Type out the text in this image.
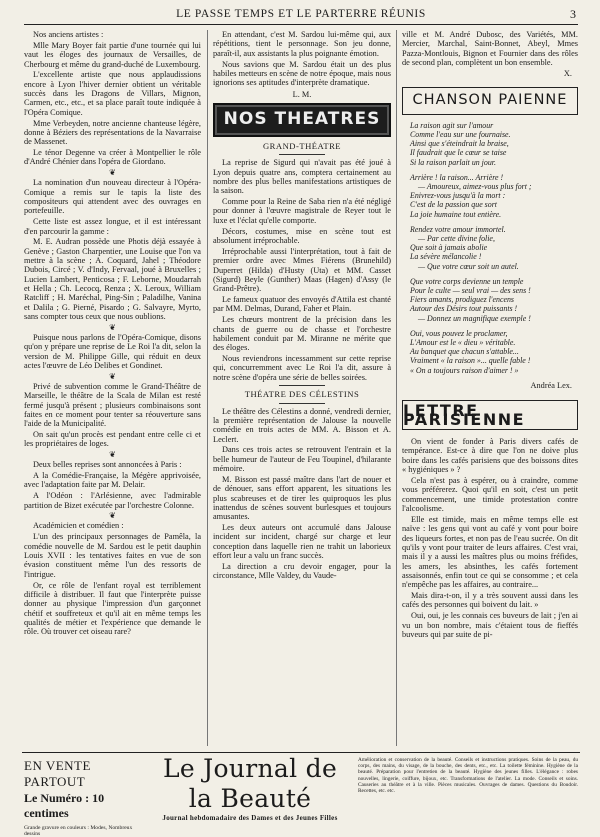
LE PASSE TEMPS ET LE PARTERRE RÉUNIS	3

Nos anciens artistes :

Mlle Mary Boyer fait partie d'une tournée qui lui vaut les éloges des journaux de Versailles, de Cherbourg et même du grand-duché de Luxembourg.

L'excellente artiste que nous applaudissions encore à Lyon l'hiver dernier obtient un véritable succès dans les Dragons de Villars, Mignon, Carmen, etc., etc., et sa place paraît toute indiquée à l'Opéra Comique.

Mme Verbeyden, notre ancienne chanteuse légère, donne à Béziers des représentations de la Navarraise de Massenet.

Le ténor Degenne va créer à Montpellier le rôle d'André Chénier dans l'opéra de Giordano.

❦

La nomination d'un nouveau directeur à l'Opéra-Comique a remis sur le tapis la liste des compositeurs qui attendent avec des ouvrages en portefeuille.

Cette liste est assez longue, et il est intéressant d'en parcourir la gamme :

M. E. Audran possède une Photis déjà essayée à Genève ; Gaston Charpentier, une Louise que l'on va mettre à la scène ; A. Coquard, Jahel ; Théodore Dubois, Circé ; V. d'Indy, Fervaal, joué à Bruxelles ; Lucien Lambert, Penticosa ; F. Leborne, Moudarrah et Hella ; Ch. Lecocq, Renza ; X. Leroux, William Ratcliff ; H. Maréchal, Ping-Sin ; Paladilhe, Vanina et Dalila ; G. Pierné, Pisardo ; G. Salvayre, Myrto, sans compter tous ceux que nous oublions.

❦

Puisque nous parlons de l'Opéra-Comique, disons qu'on y prépare une reprise de Le Roi l'a dit, selon la version de M. Philippe Gille, qui réduit en deux actes l'œuvre de Léo Delibes et Gondinet.

❦

Privé de subvention comme le Grand-Théâtre de Marseille, le théâtre de la Scala de Milan est resté fermé jusqu'à présent ; plusieurs combinaisons sont faites en ce moment pour tenter sa réouverture sans l'aide de la Municipalité.

On sait qu'un procès est pendant entre celle ci et les propriétaires de loges.

❦

Deux belles reprises sont annoncées à Paris :

A la Comédie-Française, la Mégère apprivoisée, avec l'adaptation faite par M. Delair.

A l'Odéon : l'Arlésienne, avec l'admirable partition de Bizet exécutée par l'orchestre Colonne.

❦

Académicien et comédien :

L'un des principaux personnages de Pamêla, la comédie nouvelle de M. Sardou est le petit dauphin Louis XVII : les tentatives faites en vue de son évasion constituent même l'un des ressorts de l'intrigue.

Or, ce rôle de l'enfant royal est terriblement difficile à distribuer. Il faut que l'interprète puisse donner au physique l'impression d'un garçonnet chétif et souffreteux et qu'il ait en même temps les qualités de métier et l'expérience que demande le rôle. Où trouver cet oiseau rare?

En attendant, c'est M. Sardou lui-même qui, aux répétitions, tient le personnage. Son jeu donne, paraît-il, aux assistants la plus poignante émotion.

Nous savions que M. Sardou était un des plus habiles metteurs en scène de notre époque, mais nous ignorions ses aptitudes d'interprète dramatique.

L. M.
NOS THEATRES
GRAND-THÉATRE

La reprise de Sigurd qui n'avait pas été joué à Lyon depuis quatre ans, comptera certainement au nombre des plus belles manifestations artistiques de la saison.

Comme pour la Reine de Saba rien n'a été négligé pour donner à l'œuvre magistrale de Reyer tout le luxe et l'éclat qu'elle comporte.

Décors, costumes, mise en scène tout est absolument irréprochable.

Irréprochable aussi l'interprétation, tout à fait de premier ordre avec Mmes Fiérens (Brunehild) Duperret (Hilda) d'Husty (Uta) et MM. Casset (Sigurd) Beyle (Gunther) Maas (Hagen) d'Assy (le Grand-Prêtre).

Le fameux quatuor des envoyés d'Attila est chanté par MM. Delmas, Durand, Faher et Plain.

Les chœurs montrent de la précision dans les chants de guerre ou de chasse et l'orchestre habilement conduit par M. Miranne ne mérite que des éloges.

Nous reviendrons incessamment sur cette reprise qui, concurremment avec Le Roi l'a dit, assure à notre scène d'opéra une série de belles soirées.

THÉATRE DES CÉLESTINS

Le théâtre des Célestins a donné, vendredi dernier, la première représentation de Jalouse la nouvelle comédie en trois actes de MM. A. Bisson et A. Leclert.

Dans ces trois actes se retrouvent l'entrain et la belle humeur de l'auteur de Feu Toupinel, d'hilarante mémoire.

M. Bisson est passé maître dans l'art de nouer et de dénouer, sans effort apparent, les situations les plus scabreuses et de tirer les quiproquos les plus inattendus de scènes souvent burlesques et toujours amusantes.

Les deux auteurs ont accumulé dans Jalouse incident sur incident, chargé sur charge et leur conception dans laquelle rien ne trahit un laborieux effort leur a valu un franc succès.

La direction a cru devoir engager, pour la circonstance, Mlle Valdey, du Vaude-

ville et M. André Dubosc, des Variétés, MM. Mercier, Marchal, Saint-Bonnet, Abeyl, Mmes Pazza-Montlouis, Bignon et Fournier dans des rôles de second plan, complètent un bon ensemble.

X.
CHANSON PAIENNE
La raison agit sur l'amour
Comme l'eau sur une fournaise.
Ainsi que s'éteindrait la braise,
Il faudrait que le cœur se taise
Si la raison parlait un jour.
Arrière ! la raison... Arrière !
— Amoureux, aimez-vous plus fort ;
Enivrez-vous jusqu'à la mort :
C'est de la passion que sort
La joie humaine tout entière.
Rendez votre amour immortel.
— Par cette divine folie,
Que soit à jamais abolie
La sévère mélancolie !
— Que votre cœur soit un autel.
Que votre corps devienne un temple
Pour le culte — seul vrai — des sens !
Fiers amants, prodiguez l'encens
Autour des Désirs tout puissants !
— Donnez un magnifique exemple !
Oui, vous pouvez le proclamer,
L'Amour est le « dieu » véritable.
Au banquet que chacun s'attable...
Vraiment « la raison »... quelle fable !
« On a toujours raison d'aimer ! »
Andréa Lex.
LETTRE PARISIENNE

On vient de fonder à Paris divers cafés de tempérance. Est-ce à dire que l'on ne doive plus boire dans les cafés parisiens que des boissons dites « hygiéniques » ?

Cela n'est pas à espérer, ou à craindre, comme vous préférerez. Quoi qu'il en soit, c'est un petit commencement, une timide protestation contre l'alcoolisme.

Elle est timide, mais en même temps elle est naïve : les gens qui vont au café y vont pour boire des liqueurs fortes, et non pas de l'eau sucrée. On dit qu'ils y vont pour traiter de leurs affaires. C'est vrai, mais il y a aussi les maîtres plus ou moins fréfides, les amers, les absinthes, les cafés fortement assaisonnés, enfin tout ce qui se consomme ; et cela n'empêche pas les affaires, au contraire...

Mais dira-t-on, il y a très souvent aussi dans les cafés des personnes qui boivent du lait. »

Oui, oui, je les connais ces buveurs de lait ; j'en ai vu un bon nombre, mais c'étaient tous de fieffés buveurs qui par suite de pi-

EN VENTE PARTOUT
Le Numéro : 10 centimes
Grande gravure en couleurs : Modes, Nombreux dessins
Le Journal de la Beauté
Journal hebdomadaire des Dames et des Jeunes Filles
Amélioration et conservation de la beauté. Conseils et instructions pratiques. Soins de la peau, du corps, des mains, du visage, de la bouche, des dents, etc., etc. La toilette féminine. Hygiène de la beauté. Préparation pour l'entretien de la beauté. Hygiène des jeunes filles. L'élégance : robes nouvelles, lingerie, coiffure, bijoux, etc. Transformations de l'atelier. La mode. Conseils et soins. Causeries au théâtre et à la ville. Pièces musicales. Ouvrages de dames. Questions du Boudoir. Recettes, etc. etc.
